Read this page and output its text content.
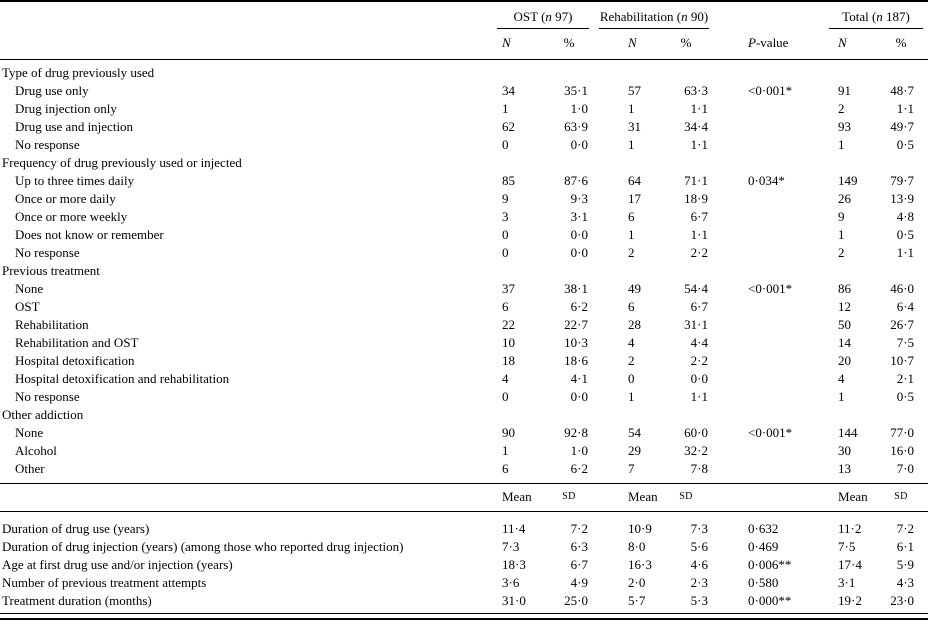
	OST (n 97)		Rehabilitation (n 90)			Total (n 187)	

	N	%	N	%	P-value	N	%
Type of drug previously used							
Drug use only	34	35·1	57	63·3	<0·001*	91	48·7
Drug injection only	1	1·0	1	1·1		2	1·1
Drug use and injection	62	63·9	31	34·4		93	49·7
No response	0	0·0	1	1·1		1	0·5
Frequency of drug previously used or injected							
Up to three times daily	85	87·6	64	71·1	0·034*	149	79·7
Once or more daily	9	9·3	17	18·9		26	13·9
Once or more weekly	3	3·1	6	6·7		9	4·8
Does not know or remember	0	0·0	1	1·1		1	0·5
No response	0	0·0	2	2·2		2	1·1
Previous treatment							
None	37	38·1	49	54·4	<0·001*	86	46·0
OST	6	6·2	6	6·7		12	6·4
Rehabilitation	22	22·7	28	31·1		50	26·7
Rehabilitation and OST	10	10·3	4	4·4		14	7·5
Hospital detoxification	18	18·6	2	2·2		20	10·7
Hospital detoxification and rehabilitation	4	4·1	0	0·0		4	2·1
No response	0	0·0	1	1·1		1	0·5
Other addiction							
None	90	92·8	54	60·0	<0·001*	144	77·0
Alcohol	1	1·0	29	32·2		30	16·0
Other	6	6·2	7	7·8		13	7·0
	Mean	SD	Mean	SD		Mean	SD
Duration of drug use (years)	11·4	7·2	10·9	7·3	0·632	11·2	7·2
Duration of drug injection (years) (among those who reported drug injection)	7·3	6·3	8·0	5·6	0·469	7·5	6·1
Age at first drug use and/or injection (years)	18·3	6·7	16·3	4·6	0·006**	17·4	5·9
Number of previous treatment attempts	3·6	4·9	2·0	2·3	0·580	3·1	4·3
Treatment duration (months)	31·0	25·0	5·7	5·3	0·000**	19·2	23·0
